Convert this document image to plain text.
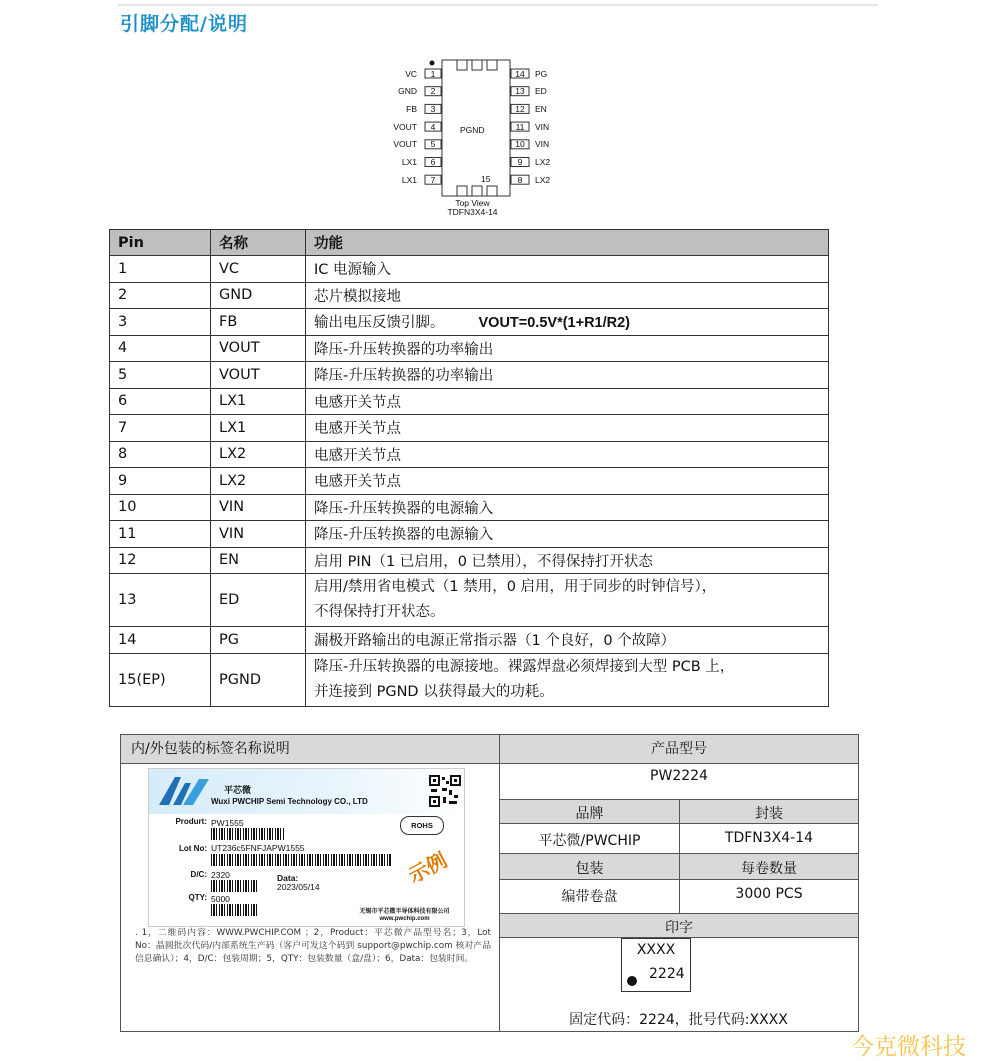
引脚分配/说明
VC	1
GND	2
FB	3
VOUT	4
VOUT	5
LX1	6
LX1	7
14	PG
13	ED
12	EN
11	VIN
10	VIN
9	LX2
8	LX2
PGND
15
Top View
TDFN3X4-14
Pin	名称	功能
1	VC	IC 电源输入
2	GND	芯片模拟接地
3	FB	输出电压反馈引脚。 VOUT=0.5V*(1+R1/R2)
4	VOUT	降压-升压转换器的功率输出
5	VOUT	降压-升压转换器的功率输出
6	LX1	电感开关节点
7	LX1	电感开关节点
8	LX2	电感开关节点
9	LX2	电感开关节点
10	VIN	降压-升压转换器的电源输入
11	VIN	降压-升压转换器的电源输入
12	EN	启用 PIN（1 已启用，0 已禁用），不得保持打开状态
13	ED	启用/禁用省电模式（1 禁用，0 启用，用于同步的时钟信号），
不得保持打开状态。
14	PG	漏极开路输出的电源正常指示器（1 个良好，0 个故障）
15(EP)	PGND	降压-升压转换器的电源接地。裸露焊盘必须焊接到大型 PCB 上，
并连接到 PGND 以获得最大的功耗。
内/外包装的标签名称说明	产品型号
PW2224
品牌	封装
平芯微/PWCHIP	TDFN3X4-14
包装	每卷数量
编带卷盘	3000 PCS
印字
XXXX
2224
固定代码：2224，批号代码:XXXX
平芯微
Wuxi PWCHIP Semi Technology CO., LTD
Produrt: PW1555	ROHS
Lot No: UT236c5FNFJAPW1555	示例
D/C: 2320	Data:
2023/05/14
QTY: 5000
无锡市平芯微半导体科技有限公司
www.pwchip.com
. 1，二维码内容：WWW.PWCHIP.COM ；2，Product：平芯微产品型号名；3，Lot No：晶圆批次代码/内部系统生产码（客户可发这个码到 support@pwchip.com 核对产品信息确认）；4，D/C：包装周期；5，QTY：包装数量（盒/盘）；6，Data：包装时间。
今克微科技
